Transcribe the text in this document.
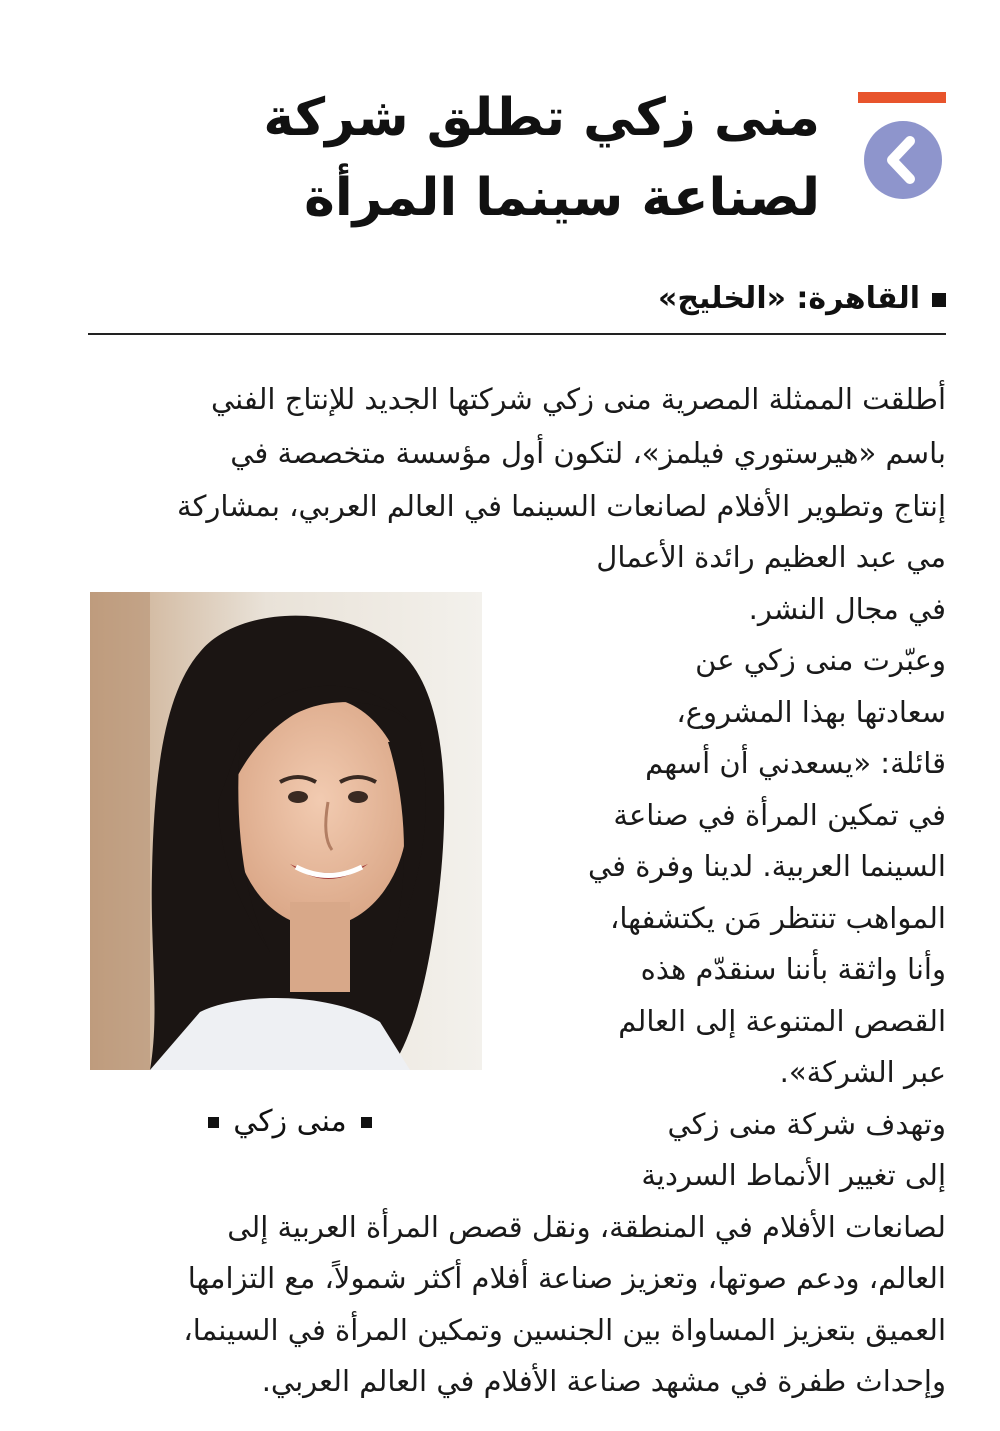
منى زكي تطلق شركة
لصناعة سينما المرأة
القاهرة: «الخليج»
أطلقت الممثلة المصرية منى زكي شركتها الجديد للإنتاج الفني
باسم «هيرستوري فيلمز»، لتكون أول مؤسسة متخصصة في
إنتاج وتطوير الأفلام لصانعات السينما في العالم العربي، بمشاركة
مي عبد العظيم رائدة الأعمال
في مجال النشر.
وعبّرت منى زكي عن
سعادتها بهذا المشروع،
قائلة: «يسعدني أن أسهم
في تمكين المرأة في صناعة
السينما العربية. لدينا وفرة في
المواهب تنتظر مَن يكتشفها،
وأنا واثقة بأننا سنقدّم هذه
القصص المتنوعة إلى العالم
عبر الشركة».
وتهدف شركة منى زكي
إلى تغيير الأنماط السردية
لصانعات الأفلام في المنطقة، ونقل قصص المرأة العربية إلى
العالم، ودعم صوتها، وتعزيز صناعة أفلام أكثر شمولاً، مع التزامها
العميق بتعزيز المساواة بين الجنسين وتمكين المرأة في السينما،
وإحداث طفرة في مشهد صناعة الأفلام في العالم العربي.
منى زكي
